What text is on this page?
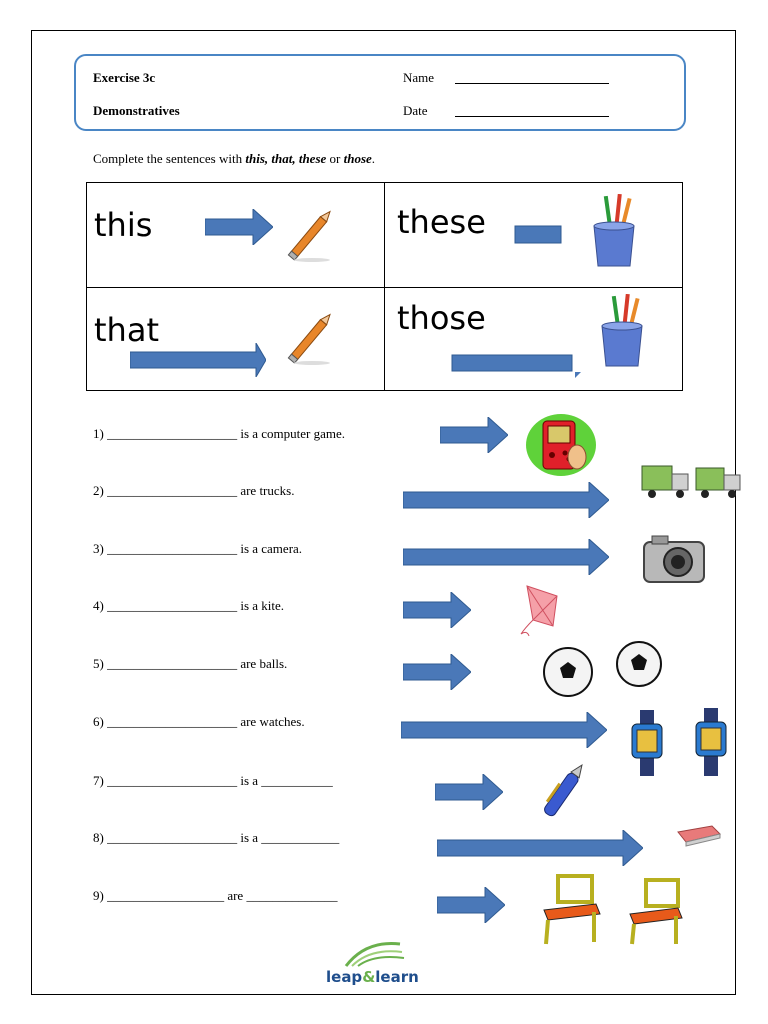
Exercise 3c
Demonstratives
Name
Date
Complete the sentences with this, that, these or those.
this	these
that	those
1) ____________________ is a computer game.
2) ____________________ are trucks.
3) ____________________ is a camera.
4) ____________________ is a kite.
5) ____________________ are balls.
6) ____________________ are watches.
7) ____________________ is a ___________
8) ____________________ is a ____________
9) __________________ are ______________
leap&learn
